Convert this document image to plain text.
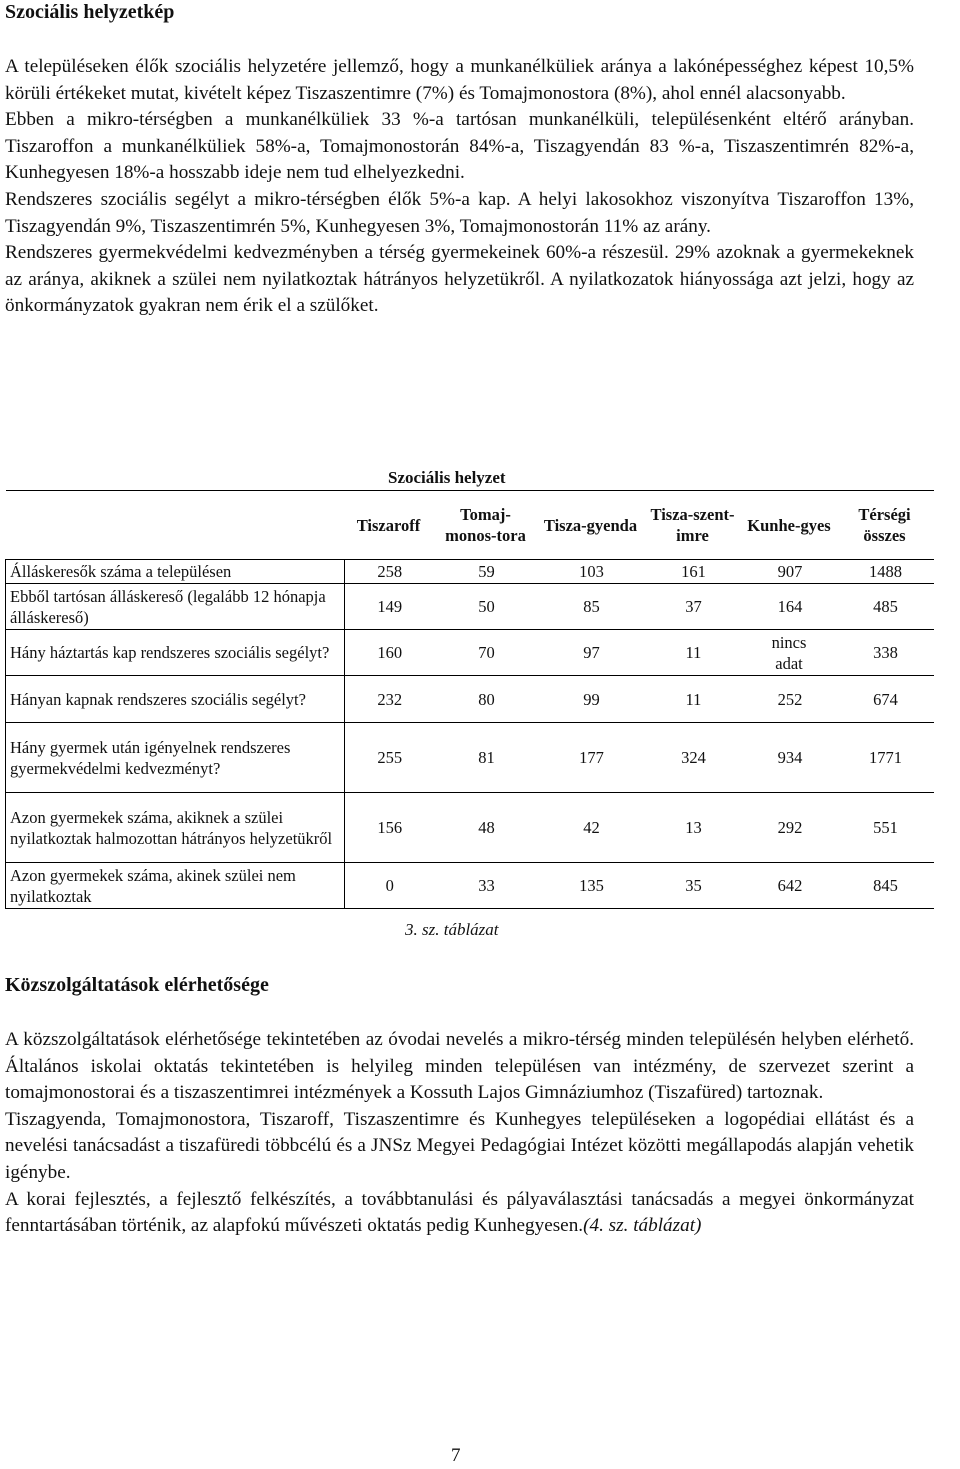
Szociális helyzetkép

A településeken élők szociális helyzetére jellemző, hogy a munkanélküliek aránya a lakónépességhez képest 10,5% körüli értékeket mutat, kivételt képez Tiszaszentimre (7%) és Tomajmonostora (8%), ahol ennél alacsonyabb.

Ebben a mikro-térségben a munkanélküliek 33 %-a tartósan munkanélküli, településenként eltérő arányban. Tiszaroffon a munkanélküliek 58%-a, Tomajmonostorán 84%-a, Tiszagyendán 83 %-a, Tiszaszentimrén 82%-a, Kunhegyesen 18%-a hosszabb ideje nem tud elhelyezkedni.

Rendszeres szociális segélyt a mikro-térségben élők 5%-a kap. A helyi lakosokhoz viszonyítva Tiszaroffon 13%, Tiszagyendán 9%, Tiszaszentimrén 5%, Kunhegyesen 3%, Tomajmonostorán 11% az arány.

Rendszeres gyermekvédelmi kedvezményben a térség gyermekeinek 60%-a részesül. 29% azoknak a gyermekeknek az aránya, akiknek a szülei nem nyilatkoztak hátrányos helyzetükről. A nyilatkozatok hiányossága azt jelzi, hogy az önkormányzatok gyakran nem érik el a szülőket.

Szociális helyzet
	Tiszaroff	Tomaj-monos-tora	Tisza-gyenda	Tisza-szent-imre	Kunhe-gyes	Térségi összes
Álláskeresők száma a településen	258	59	103	161	907	1488
Ebből tartósan álláskereső (legalább 12 hónapja álláskereső)	149	50	85	37	164	485
Hány háztartás kap rendszeres szociális segélyt?	160	70	97	11	nincs adat	338
Hányan kapnak rendszeres szociális segélyt?	232	80	99	11	252	674
Hány gyermek után igényelnek rendszeres gyermekvédelmi kedvezményt?	255	81	177	324	934	1771
Azon gyermekek száma, akiknek a szülei nyilatkoztak halmozottan hátrányos helyzetükről	156	48	42	13	292	551
Azon gyermekek száma, akinek szülei nem nyilatkoztak	0	33	135	35	642	845
3. sz. táblázat
Közszolgáltatások elérhetősége

A közszolgáltatások elérhetősége tekintetében az óvodai nevelés a mikro-térség minden településén helyben elérhető. Általános iskolai oktatás tekintetében is helyileg minden településen van intézmény, de szervezet szerint a tomajmonostorai és a tiszaszentimrei intézmények a Kossuth Lajos Gimnáziumhoz (Tiszafüred) tartoznak.

Tiszagyenda, Tomajmonostora, Tiszaroff, Tiszaszentimre és Kunhegyes településeken a logopédiai ellátást és a nevelési tanácsadást a tiszafüredi többcélú és a JNSz Megyei Pedagógiai Intézet közötti megállapodás alapján vehetik igénybe.

A korai fejlesztés, a fejlesztő felkészítés, a továbbtanulási és pályaválasztási tanácsadás a megyei önkormányzat fenntartásában történik, az alapfokú művészeti oktatás pedig Kunhegyesen.(4. sz. táblázat)

7
